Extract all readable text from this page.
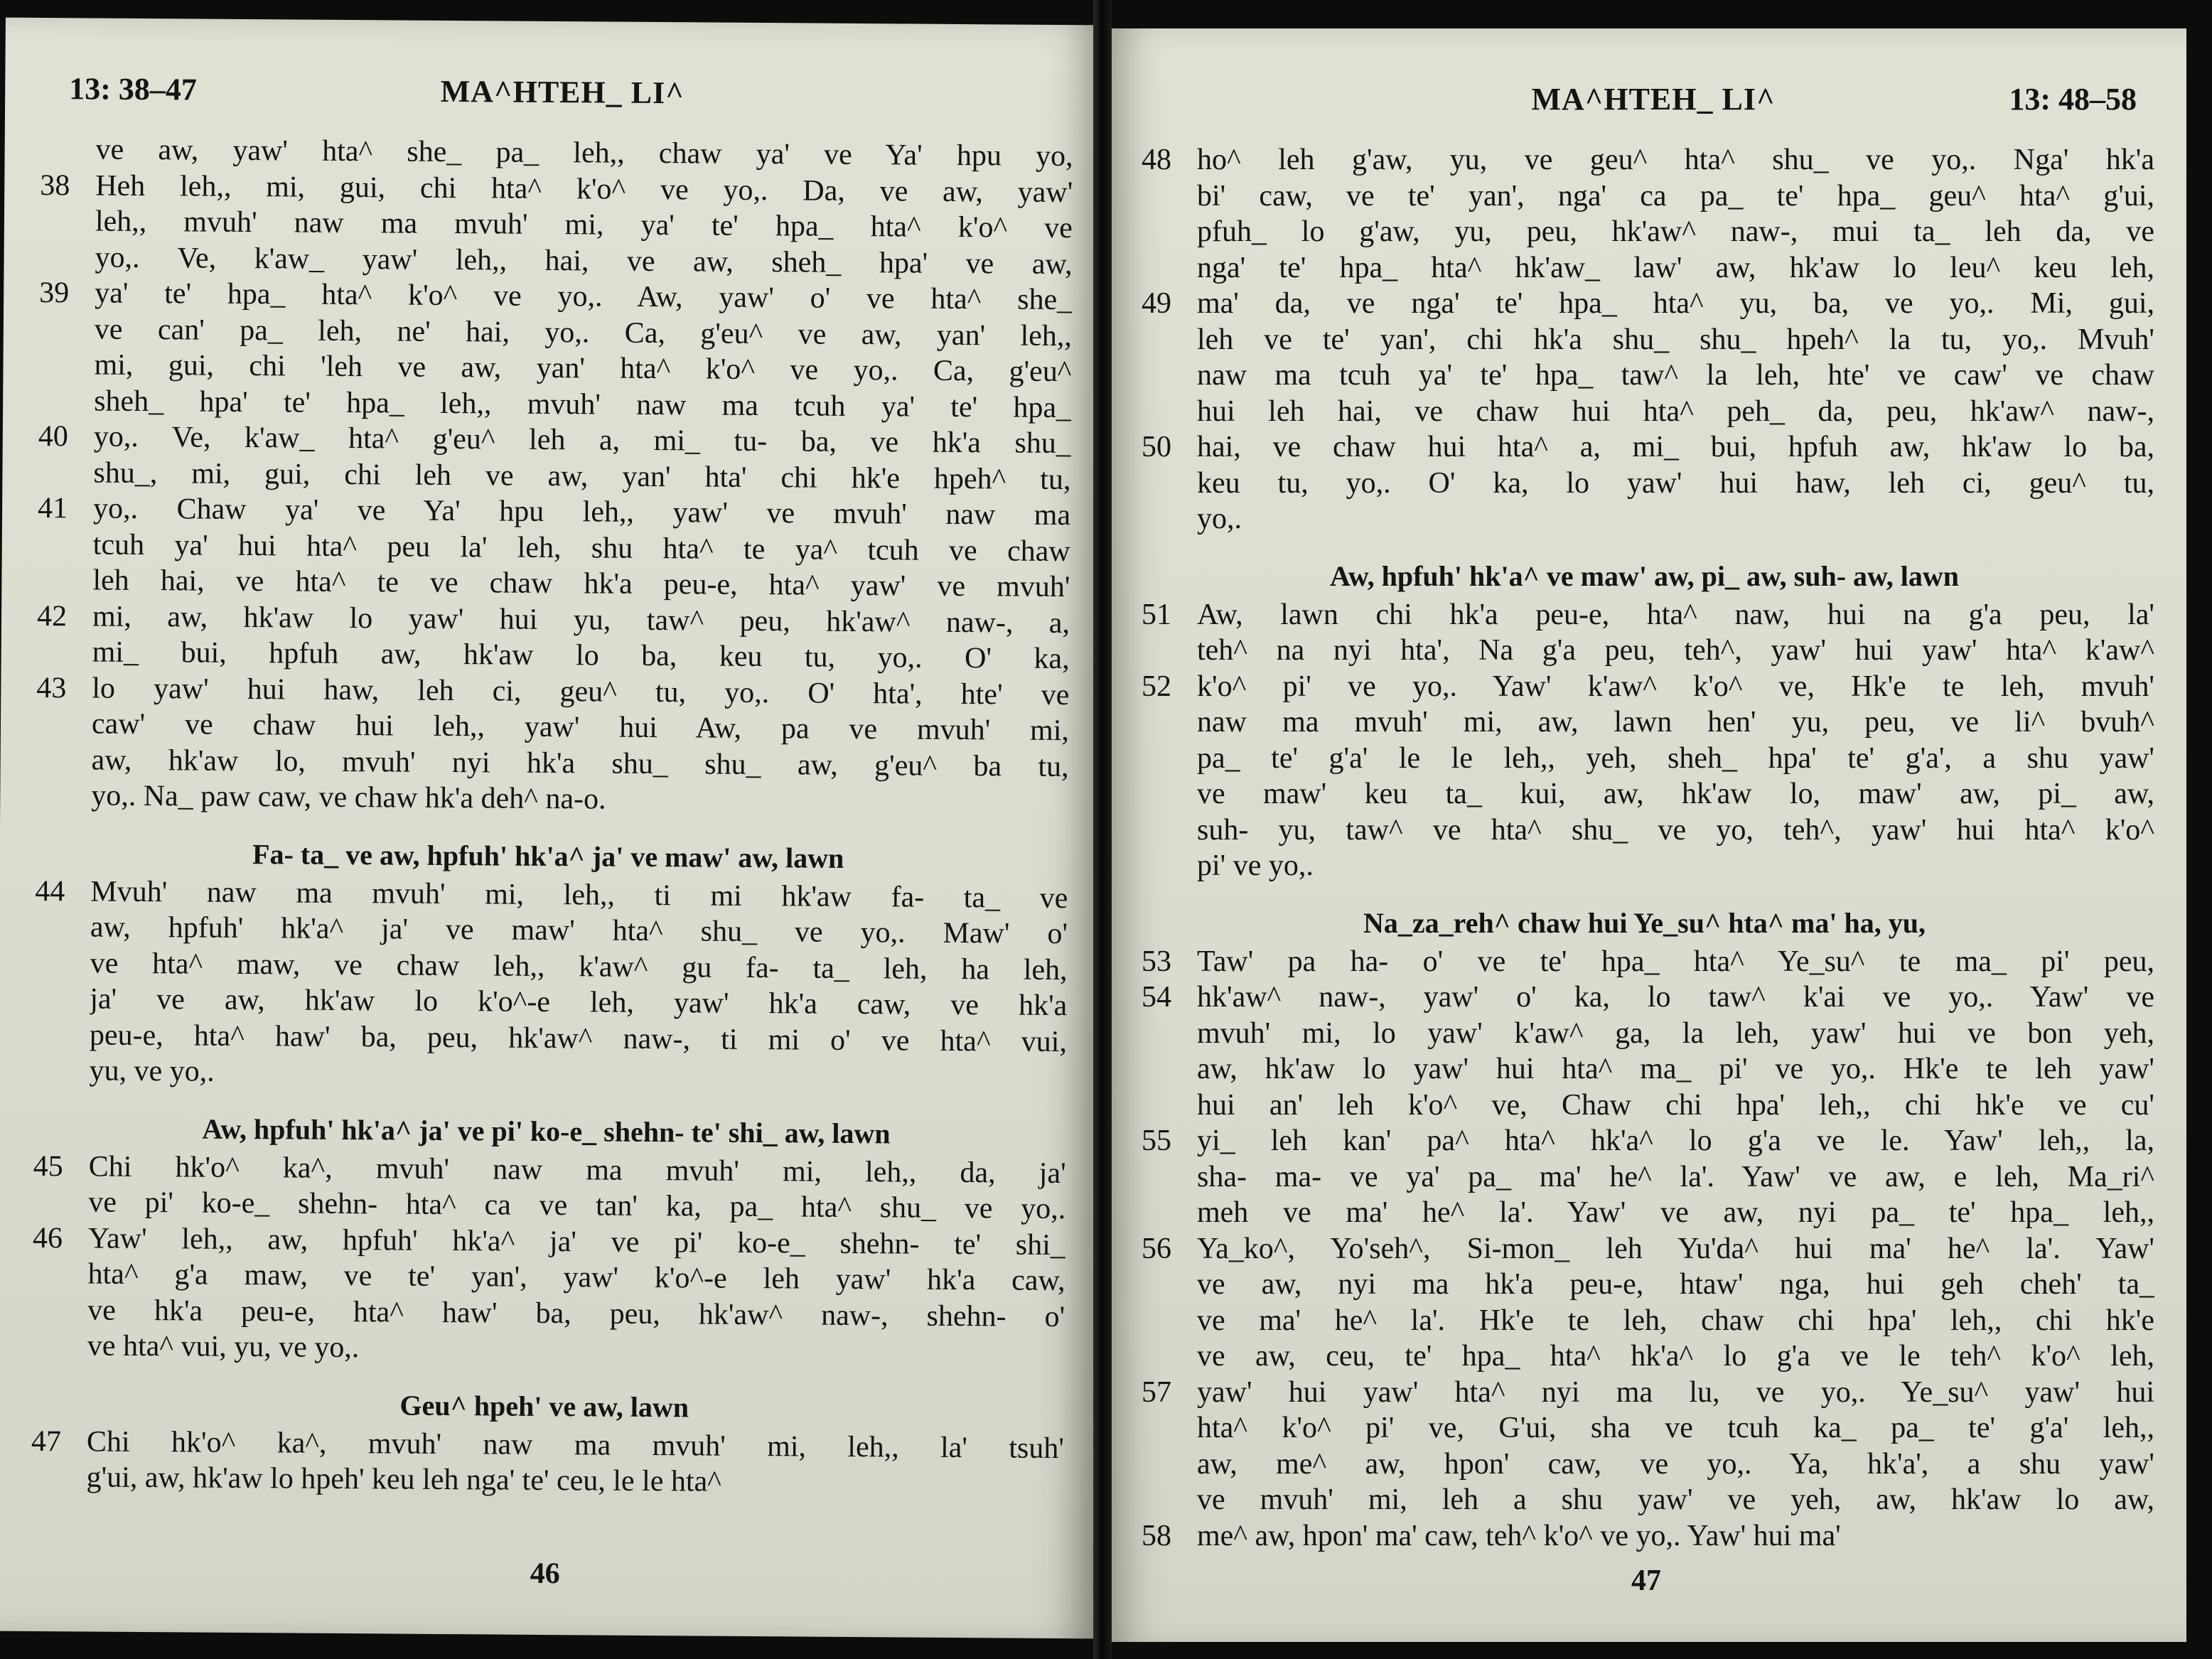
13: 38–47	MA^HTEH_ LI^
ve aw, yaw' hta^ she_ pa_ leh,, chaw ya' ve Ya' hpu yo,
38 Heh leh,, mi, gui, chi hta^ k'o^ ve yo,. Da, ve aw, yaw'
leh,, mvuh' naw ma mvuh' mi, ya' te' hpa_ hta^ k'o^ ve
yo,. Ve, k'aw_ yaw' leh,, hai, ve aw, sheh_ hpa' ve aw,
39 ya' te' hpa_ hta^ k'o^ ve yo,. Aw, yaw' o' ve hta^ she_
ve can' pa_ leh, ne' hai, yo,. Ca, g'eu^ ve aw, yan' leh,,
mi, gui, chi 'leh ve aw, yan' hta^ k'o^ ve yo,. Ca, g'eu^
sheh_ hpa' te' hpa_ leh,, mvuh' naw ma tcuh ya' te' hpa_
40 yo,. Ve, k'aw_ hta^ g'eu^ leh a, mi_ tu- ba, ve hk'a shu_
shu_, mi, gui, chi leh ve aw, yan' hta' chi hk'e hpeh^ tu,
41 yo,. Chaw ya' ve Ya' hpu leh,, yaw' ve mvuh' naw ma
tcuh ya' hui hta^ peu la' leh, shu hta^ te ya^ tcuh ve chaw
leh hai, ve hta^ te ve chaw hk'a peu-e, hta^ yaw' ve mvuh'
42 mi, aw, hk'aw lo yaw' hui yu, taw^ peu, hk'aw^ naw-, a,
mi_ bui, hpfuh aw, hk'aw lo ba, keu tu, yo,. O' ka,
43 lo yaw' hui haw, leh ci, geu^ tu, yo,. O' hta', hte' ve
caw' ve chaw hui leh,, yaw' hui Aw, pa ve mvuh' mi,
aw, hk'aw lo, mvuh' nyi hk'a shu_ shu_ aw, g'eu^ ba tu,
yo,. Na_ paw caw, ve chaw hk'a deh^ na-o.
Fa- ta_ ve aw, hpfuh' hk'a^ ja' ve maw' aw, lawn
44 Mvuh' naw ma mvuh' mi, leh,, ti mi hk'aw fa- ta_ ve
aw, hpfuh' hk'a^ ja' ve maw' hta^ shu_ ve yo,. Maw' o'
ve hta^ maw, ve chaw leh,, k'aw^ gu fa- ta_ leh, ha leh,
ja' ve aw, hk'aw lo k'o^-e leh, yaw' hk'a caw, ve hk'a
peu-e, hta^ haw' ba, peu, hk'aw^ naw-, ti mi o' ve hta^ vui,
yu, ve yo,.
Aw, hpfuh' hk'a^ ja' ve pi' ko-e_ shehn- te' shi_ aw, lawn
45 Chi hk'o^ ka^, mvuh' naw ma mvuh' mi, leh,, da, ja'
ve pi' ko-e_ shehn- hta^ ca ve tan' ka, pa_ hta^ shu_ ve yo,.
46 Yaw' leh,, aw, hpfuh' hk'a^ ja' ve pi' ko-e_ shehn- te' shi_
hta^ g'a maw, ve te' yan', yaw' k'o^-e leh yaw' hk'a caw,
ve hk'a peu-e, hta^ haw' ba, peu, hk'aw^ naw-, shehn- o'
ve hta^ vui, yu, ve yo,.
Geu^ hpeh' ve aw, lawn
47 Chi hk'o^ ka^, mvuh' naw ma mvuh' mi, leh,, la' tsuh'
g'ui, aw, hk'aw lo hpeh' keu leh nga' te' ceu, le le hta^
46
MA^HTEH_ LI^	13: 48–58
48 ho^ leh g'aw, yu, ve geu^ hta^ shu_ ve yo,. Nga' hk'a
bi' caw, ve te' yan', nga' ca pa_ te' hpa_ geu^ hta^ g'ui,
pfuh_ lo g'aw, yu, peu, hk'aw^ naw-, mui ta_ leh da, ve
nga' te' hpa_ hta^ hk'aw_ law' aw, hk'aw lo leu^ keu leh,
49 ma' da, ve nga' te' hpa_ hta^ yu, ba, ve yo,. Mi, gui,
leh ve te' yan', chi hk'a shu_ shu_ hpeh^ la tu, yo,. Mvuh'
naw ma tcuh ya' te' hpa_ taw^ la leh, hte' ve caw' ve chaw
hui leh hai, ve chaw hui hta^ peh_ da, peu, hk'aw^ naw-,
50 hai, ve chaw hui hta^ a, mi_ bui, hpfuh aw, hk'aw lo ba,
keu tu, yo,. O' ka, lo yaw' hui haw, leh ci, geu^ tu,
yo,.
Aw, hpfuh' hk'a^ ve maw' aw, pi_ aw, suh- aw, lawn
51 Aw, lawn chi hk'a peu-e, hta^ naw, hui na g'a peu, la'
teh^ na nyi hta', Na g'a peu, teh^, yaw' hui yaw' hta^ k'aw^
52 k'o^ pi' ve yo,. Yaw' k'aw^ k'o^ ve, Hk'e te leh, mvuh'
naw ma mvuh' mi, aw, lawn hen' yu, peu, ve li^ bvuh^
pa_ te' g'a' le le leh,, yeh, sheh_ hpa' te' g'a', a shu yaw'
ve maw' keu ta_ kui, aw, hk'aw lo, maw' aw, pi_ aw,
suh- yu, taw^ ve hta^ shu_ ve yo, teh^, yaw' hui hta^ k'o^
pi' ve yo,.
Na_za_reh^ chaw hui Ye_su^ hta^ ma' ha, yu,
53 Taw' pa ha- o' ve te' hpa_ hta^ Ye_su^ te ma_ pi' peu,
54 hk'aw^ naw-, yaw' o' ka, lo taw^ k'ai ve yo,. Yaw' ve
mvuh' mi, lo yaw' k'aw^ ga, la leh, yaw' hui ve bon yeh,
aw, hk'aw lo yaw' hui hta^ ma_ pi' ve yo,. Hk'e te leh yaw'
hui an' leh k'o^ ve, Chaw chi hpa' leh,, chi hk'e ve cu'
55 yi_ leh kan' pa^ hta^ hk'a^ lo g'a ve le. Yaw' leh,, la,
sha- ma- ve ya' pa_ ma' he^ la'. Yaw' ve aw, e leh, Ma_ri^
meh ve ma' he^ la'. Yaw' ve aw, nyi pa_ te' hpa_ leh,,
56 Ya_ko^, Yo'seh^, Si-mon_ leh Yu'da^ hui ma' he^ la'. Yaw'
ve aw, nyi ma hk'a peu-e, htaw' nga, hui geh cheh' ta_
ve ma' he^ la'. Hk'e te leh, chaw chi hpa' leh,, chi hk'e
ve aw, ceu, te' hpa_ hta^ hk'a^ lo g'a ve le teh^ k'o^ leh,
57 yaw' hui yaw' hta^ nyi ma lu, ve yo,. Ye_su^ yaw' hui
hta^ k'o^ pi' ve, G'ui, sha ve tcuh ka_ pa_ te' g'a' leh,,
aw, me^ aw, hpon' caw, ve yo,. Ya, hk'a', a shu yaw'
ve mvuh' mi, leh a shu yaw' ve yeh, aw, hk'aw lo aw,
58 me^ aw, hpon' ma' caw, teh^ k'o^ ve yo,. Yaw' hui ma'
47
